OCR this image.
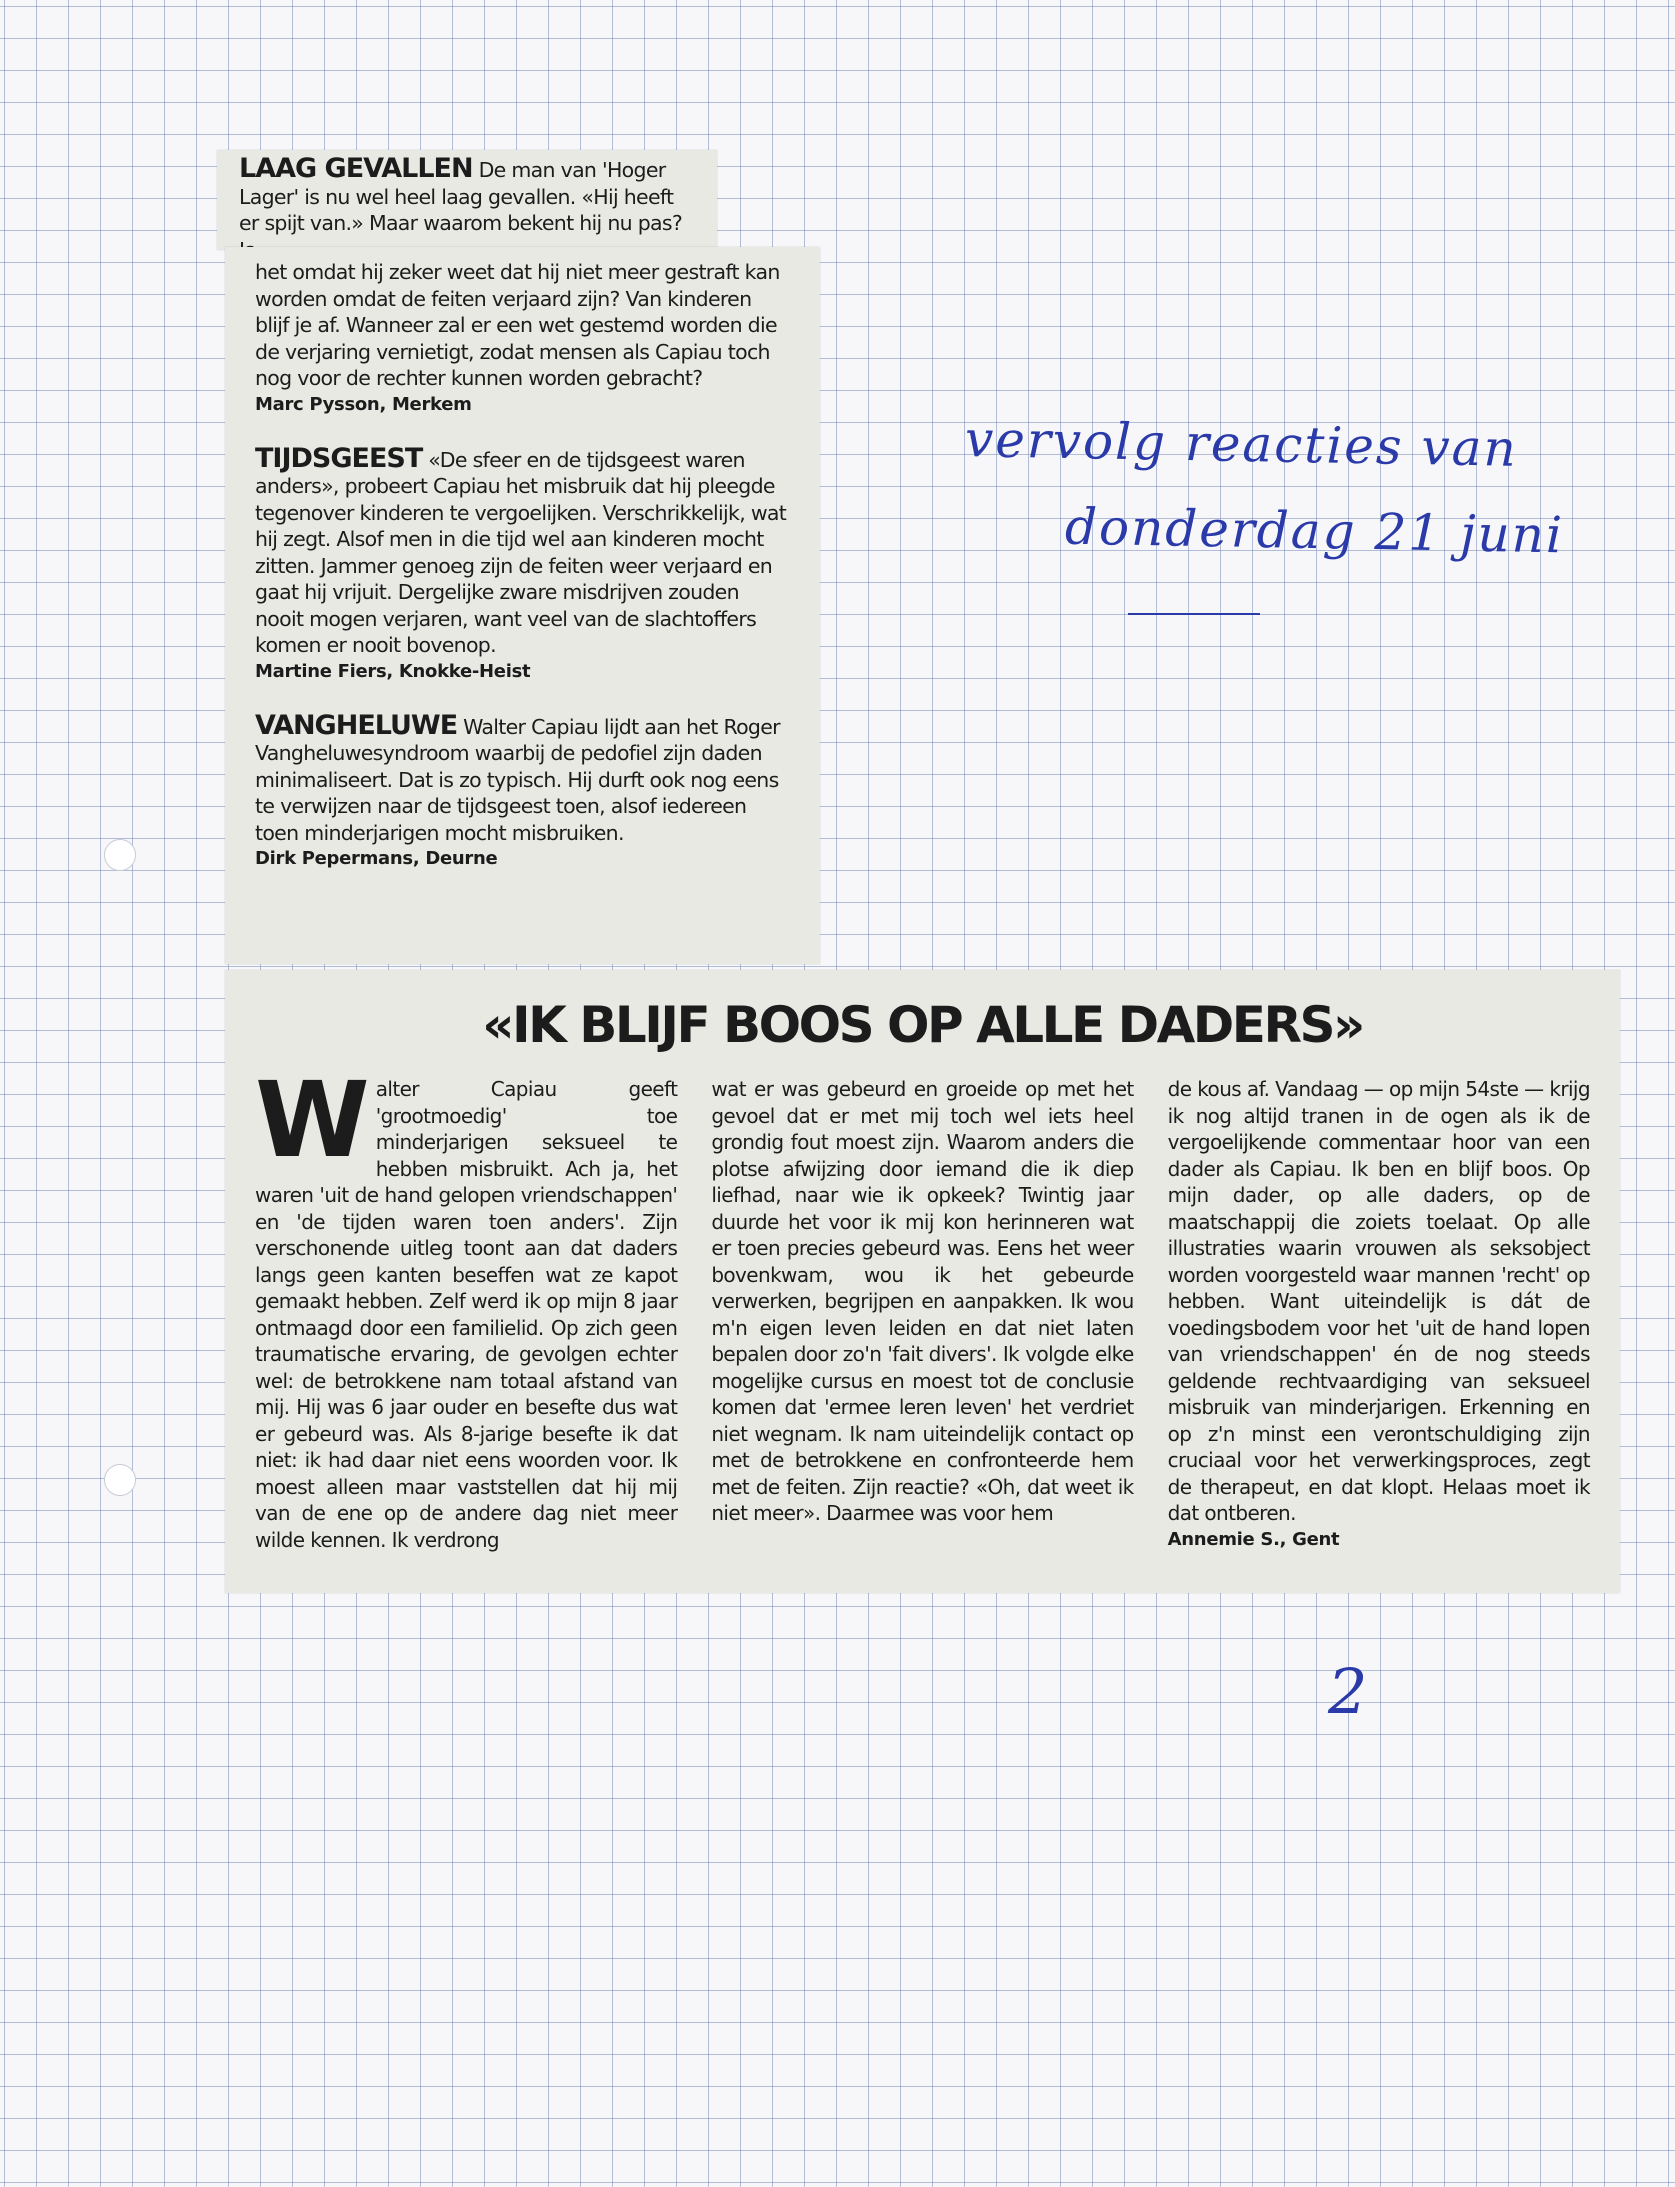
LAAG GEVALLEN De man van 'Hoger Lager' is nu wel heel laag gevallen. «Hij heeft er spijt van.» Maar waarom bekent hij nu pas?

het omdat hij zeker weet dat hij niet meer gestraft kan worden omdat de feiten verjaard zijn? Van kinderen blijf je af. Wanneer zal er een wet gestemd worden die de verjaring vernietigt, zodat mensen als Capiau toch nog voor de rechter kunnen worden gebracht?

Marc Pysson, Merkem

TIJDSGEEST «De sfeer en de tijdsgeest waren anders», probeert Capiau het misbruik dat hij pleegde tegenover kinderen te vergoelijken. Verschrikkelijk, wat hij zegt. Alsof men in die tijd wel aan kinderen mocht zitten. Jammer genoeg zijn de feiten weer verjaard en gaat hij vrijuit. Dergelijke zware misdrijven zouden nooit mogen verjaren, want veel van de slachtoffers komen er nooit bovenop.

Martine Fiers, Knokke-Heist

VANGHELUWE Walter Capiau lijdt aan het Roger Vangheluwesyndroom waarbij de pedofiel zijn daden minimaliseert. Dat is zo typisch. Hij durft ook nog eens te verwijzen naar de tijdsgeest toen, alsof iedereen toen minderjarigen mocht misbruiken.

Dirk Pepermans, Deurne

«IK BLIJF BOOS OP ALLE DADERS»
W alter Capiau geeft 'grootmoedig' toe minderjarigen seksueel te hebben misbruikt. Ach ja, het waren 'uit de hand gelopen vriendschappen' en 'de tijden waren toen anders'. Zijn verschonende uitleg toont aan dat daders langs geen kanten beseffen wat ze kapot gemaakt hebben. Zelf werd ik op mijn 8 jaar ontmaagd door een familielid. Op zich geen traumatische ervaring, de gevolgen echter wel: de betrokkene nam totaal afstand van mij. Hij was 6 jaar ouder en besefte dus wat er gebeurd was. Als 8-jarige besefte ik dat niet: ik had daar niet eens woorden voor. Ik moest alleen maar vaststellen dat hij mij van de ene op de andere dag niet meer wilde kennen. Ik verdrong

wat er was gebeurd en groeide op met het gevoel dat er met mij toch wel iets heel grondig fout moest zijn. Waarom anders die plotse afwijzing door iemand die ik diep liefhad, naar wie ik opkeek? Twintig jaar duurde het voor ik mij kon herinneren wat er toen precies gebeurd was. Eens het weer bovenkwam, wou ik het gebeurde verwerken, begrijpen en aanpakken. Ik wou m'n eigen leven leiden en dat niet laten bepalen door zo'n 'fait divers'. Ik volgde elke mogelijke cursus en moest tot de conclusie komen dat 'ermee leren leven' het verdriet niet wegnam. Ik nam uiteindelijk contact op met de betrokkene en confronteerde hem met de feiten. Zijn reactie? «Oh, dat weet ik niet meer». Daarmee was voor hem

de kous af. Vandaag — op mijn 54ste — krijg ik nog altijd tranen in de ogen als ik de vergoelijkende commentaar hoor van een dader als Capiau. Ik ben en blijf boos. Op mijn dader, op alle daders, op de maatschappij die zoiets toelaat. Op alle illustraties waarin vrouwen als seksobject worden voorgesteld waar mannen 'recht' op hebben. Want uiteindelijk is dát de voedingsbodem voor het 'uit de hand lopen van vriendschappen' én de nog steeds geldende rechtvaardiging van seksueel misbruik van minderjarigen. Erkenning en op z'n minst een verontschuldiging zijn cruciaal voor het verwerkingsproces, zegt de therapeut, en dat klopt. Helaas moet ik dat ontberen.

Annemie S., Gent

vervolg reacties van
donderdag 21 juni
2
